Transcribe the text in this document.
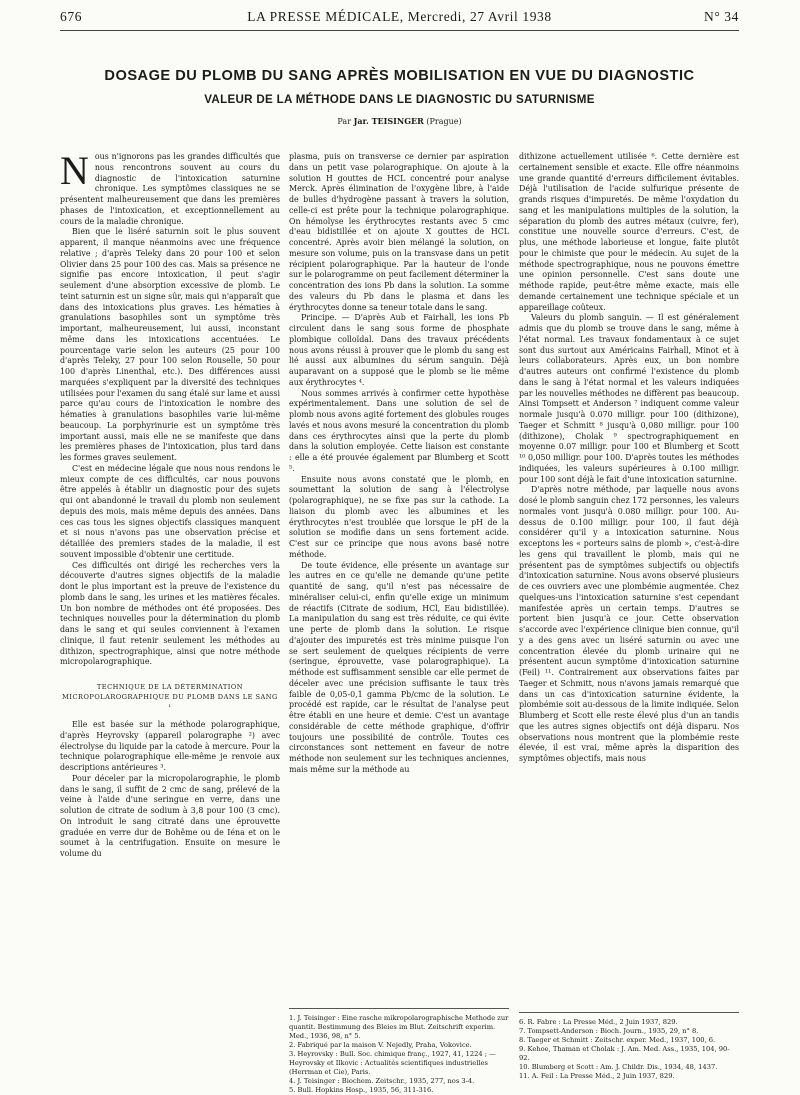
676	LA PRESSE MÉDICALE, Mercredi, 27 Avril 1938	N° 34
DOSAGE DU PLOMB DU SANG APRÈS MOBILISATION EN VUE DU DIAGNOSTIC
VALEUR DE LA MÉTHODE DANS LE DIAGNOSTIC DU SATURNISME
Par Jar. TEISINGER (Prague)

Nous n'ignorons pas les grandes difficultés que nous rencontrons souvent au cours du diagnostic de l'intoxication saturnine chronique. Les symptômes classiques ne se présentent malheureusement que dans les premières phases de l'intoxication, et exceptionnellement au cours de la maladie chronique.

Bien que le liséré saturnin soit le plus souvent apparent, il manque néanmoins avec une fréquence relative ; d'après Teleky dans 20 pour 100 et selon Olivier dans 25 pour 100 des cas. Mais sa présence ne signifie pas encore intoxication, il peut s'agir seulement d'une absorption excessive de plomb. Le teint saturnin est un signe sûr, mais qui n'apparaît que dans des intoxications plus graves. Les hématies à granulations basophiles sont un symptôme très important, malheureusement, lui aussi, inconstant même dans les intoxications accentuées. Le pourcentage varie selon les auteurs (25 pour 100 d'après Teleky, 27 pour 100 selon Rouselle, 50 pour 100 d'après Linenthal, etc.). Des différences aussi marquées s'expliquent par la diversité des techniques utilisées pour l'examen du sang étalé sur lame et aussi parce qu'au cours de l'intoxication le nombre des hématies à granulations basophiles varie lui-même beaucoup. La porphyrinurie est un symptôme très important aussi, mais elle ne se manifeste que dans les premières phases de l'intoxication, plus tard dans les formes graves seulement.

C'est en médecine légale que nous nous rendons le mieux compte de ces difficultés, car nous pouvons être appelés à établir un diagnostic pour des sujets qui ont abandonné le travail du plomb non seulement depuis des mois, mais même depuis des années. Dans ces cas tous les signes objectifs classiques manquent et si nous n'avons pas une observation précise et détaillée des premiers stades de la maladie, il est souvent impossible d'obtenir une certitude.

Ces difficultés ont dirigé les recherches vers la découverte d'autres signes objectifs de la maladie dont le plus important est la preuve de l'existence du plomb dans le sang, les urines et les matières fécales. Un bon nombre de méthodes ont été proposées. Des techniques nouvelles pour la détermination du plomb dans le sang et qui seules conviennent à l'examen clinique, il faut retenir seulement les méthodes au dithizon, spectrographique, ainsi que notre méthode micropolarographique.

TECHNIQUE DE LA DÉTERMINATION
MICROPOLAROGRAPHIQUE DU PLOMB DANS LE SANG ¹

Elle est basée sur la méthode polarographique, d'après Heyrovsky (appareil polarographe ²) avec électrolyse du liquide par la catode à mercure. Pour la technique polarographique elle-même je renvoie aux descriptions antérieures ³.

Pour déceler par la micropolarographie, le plomb dans le sang, il suffit de 2 cmc de sang, prélevé de la veine à l'aide d'une seringue en verre, dans une solution de citrate de sodium à 3,8 pour 100 (3 cmc). On introduit le sang citraté dans une éprouvette graduée en verre dur de Bohême ou de Iéna et on le soumet à la centrifugation. Ensuite on mesure le volume du

plasma, puis on transverse ce dernier par aspiration dans un petit vase polarographique. On ajoute à la solution H gouttes de HCL concentré pour analyse Merck. Après élimination de l'oxygène libre, à l'aide de bulles d'hydrogène passant à travers la solution, celle-ci est prête pour la technique polarographique. On hémolyse les érythrocytes restants avec 5 cmc d'eau bidistillée et on ajoute X gouttes de HCL concentré. Après avoir bien mélangé la solution, on mesure son volume, puis on la transvase dans un petit récipient polarographique. Par la hauteur de l'onde sur le polarogramme on peut facilement déterminer la concentration des ions Pb dans la solution. La somme des valeurs du Pb dans le plasma et dans les érythrocytes donne sa teneur totale dans le sang.

Principe. — D'après Aub et Fairhall, les ions Pb circulent dans le sang sous forme de phosphate plombique colloïdal. Dans des travaux précédents nous avons réussi à prouver que le plomb du sang est lié aussi aux albumines du sérum sanguin. Déjà auparavant on a supposé que le plomb se lie même aux érythrocytes ⁴.

Nous sommes arrivés à confirmer cette hypothèse expérimentalement. Dans une solution de sel de plomb nous avons agité fortement des globules rouges lavés et nous avons mesuré la concentration du plomb dans ces érythrocytes ainsi que la perte du plomb dans la solution employée. Cette liaison est constante : elle a été prouvée également par Blumberg et Scott ⁵.

Ensuite nous avons constaté que le plomb, en soumettant la solution de sang à l'électrolyse (polarographique), ne se fixe pas sur la cathode. La liaison du plomb avec les albumines et les érythrocytes n'est troublée que lorsque le pH de la solution se modifie dans un sens fortement acide. C'est sur ce principe que nous avons basé notre méthode.

De toute évidence, elle présente un avantage sur les autres en ce qu'elle ne demande qu'une petite quantité de sang, qu'il n'est pas nécessaire de minéraliser celui-ci, enfin qu'elle exige un minimum de réactifs (Citrate de sodium, HCl, Eau bidistillée). La manipulation du sang est très réduite, ce qui évite une perte de plomb dans la solution. Le risque d'ajouter des impuretés est très minime puisque l'on se sert seulement de quelques récipients de verre (seringue, éprouvette, vase polarographique). La méthode est suffisamment sensible car elle permet de déceler avec une précision suffisante le taux très faible de 0,05-0,1 gamma Pb/cmc de la solution. Le procédé est rapide, car le résultat de l'analyse peut être établi en une heure et demie. C'est un avantage considérable de cette méthode graphique, d'offrir toujours une possibilité de contrôle. Toutes ces circonstances sont nettement en faveur de notre méthode non seulement sur les techniques anciennes, mais même sur la méthode au

dithizone actuellement utilisée ⁶. Cette dernière est certainement sensible et exacte. Elle offre néanmoins une grande quantité d'erreurs difficilement évitables. Déjà l'utilisation de l'acide sulfurique présente de grands risques d'impuretés. De même l'oxydation du sang et les manipulations multiples de la solution, la séparation du plomb des autres métaux (cuivre, fer), constitue une nouvelle source d'erreurs. C'est, de plus, une méthode laborieuse et longue, faite plutôt pour le chimiste que pour le médecin. Au sujet de la méthode spectrographique, nous ne pouvons émettre une opinion personnelle. C'est sans doute une méthode rapide, peut-être même exacte, mais elle demande certainement une technique spéciale et un appareillage coûteux.

Valeurs du plomb sanguin. — Il est généralement admis que du plomb se trouve dans le sang, même à l'état normal. Les travaux fondamentaux à ce sujet sont dus surtout aux Américains Fairhall, Minot et à leurs collaborateurs. Après eux, un bon nombre d'autres auteurs ont confirmé l'existence du plomb dans le sang à l'état normal et les valeurs indiquées par les nouvelles méthodes ne diffèrent pas beaucoup. Ainsi Tompsett et Anderson ⁷ indiquent comme valeur normale jusqu'à 0.070 milligr. pour 100 (dithizone), Taeger et Schmitt ⁸ jusqu'à 0,080 milligr. pour 100 (dithizone), Cholak ⁹ spectrographiquement en moyenne 0.07 milligr. pour 100 et Blumberg et Scott ¹⁰ 0,050 milligr. pour 100. D'après toutes les méthodes indiquées, les valeurs supérieures à 0.100 milligr. pour 100 sont déjà le fait d'une intoxication saturnine.

D'après notre méthode, par laquelle nous avons dosé le plomb sanguin chez 172 personnes, les valeurs normales vont jusqu'à 0.080 milligr. pour 100. Au-dessus de 0.100 milligr. pour 100, il faut déjà considérer qu'il y a intoxication saturnine. Nous exceptons les « porteurs sains de plomb », c'est-à-dire les gens qui travaillent le plomb, mais qui ne présentent pas de symptômes subjectifs ou objectifs d'intoxication saturnine. Nous avons observé plusieurs de ces ouvriers avec une plombémie augmentée. Chez quelques-uns l'intoxication saturnine s'est cependant manifestée après un certain temps. D'autres se portent bien jusqu'à ce jour. Cette observation s'accorde avec l'expérience clinique bien connue, qu'il y a des gens avec un liséré saturnin ou avec une concentration élevée du plomb urinaire qui ne présentent aucun symptôme d'intoxication saturnine (Feil) ¹¹. Contrairement aux observations faites par Taeger et Schmitt, nous n'avons jamais remarqué que dans un cas d'intoxication saturnine évidente, la plombémie soit au-dessous de la limite indiquée. Selon Blumberg et Scott elle reste élevé plus d'un an tandis que les autres signes objectifs ont déjà disparu. Nos observations nous montrent que la plombémie reste élevée, il est vrai, même après la disparition des symptômes objectifs, mais nous

1. J. Teisinger : Eine rasche mikropolarographische Methode zur quantit. Bestimmung des Bleies im Blut. Zeitschrift experim. Med., 1936, 98, n° 5.
2. Fabriqué par la maison V. Nejedly, Praha, Vokovice.
3. Heyrovsky : Bull. Soc. chimique franç., 1927, 41, 1224 ; — Heyrovsky et Ilkovic : Actualités scientifiques industrielles (Herrman et Cie), Paris.
4. J. Teisinger : Biochem. Zeitschr., 1935, 277, nos 3-4.
5. Bull. Hopkins Hosp., 1935, 56, 311-316.
6. R. Fabre : La Presse Méd., 2 Juin 1937, 829.
7. Tompsett-Anderson : Bioch. Journ., 1935, 29, n° 8.
8. Taeger et Schmitt : Zeitschr. exper. Med., 1937, 100, 6.
9. Kehoe, Thaman et Cholak : J. Am. Med. Ass., 1935, 104, 90-92.
10. Blumberg et Scott : Am. J. Childr. Dis., 1934, 48, 1437.
11. A. Feil : La Presse Méd., 2 Juin 1937, 829.
